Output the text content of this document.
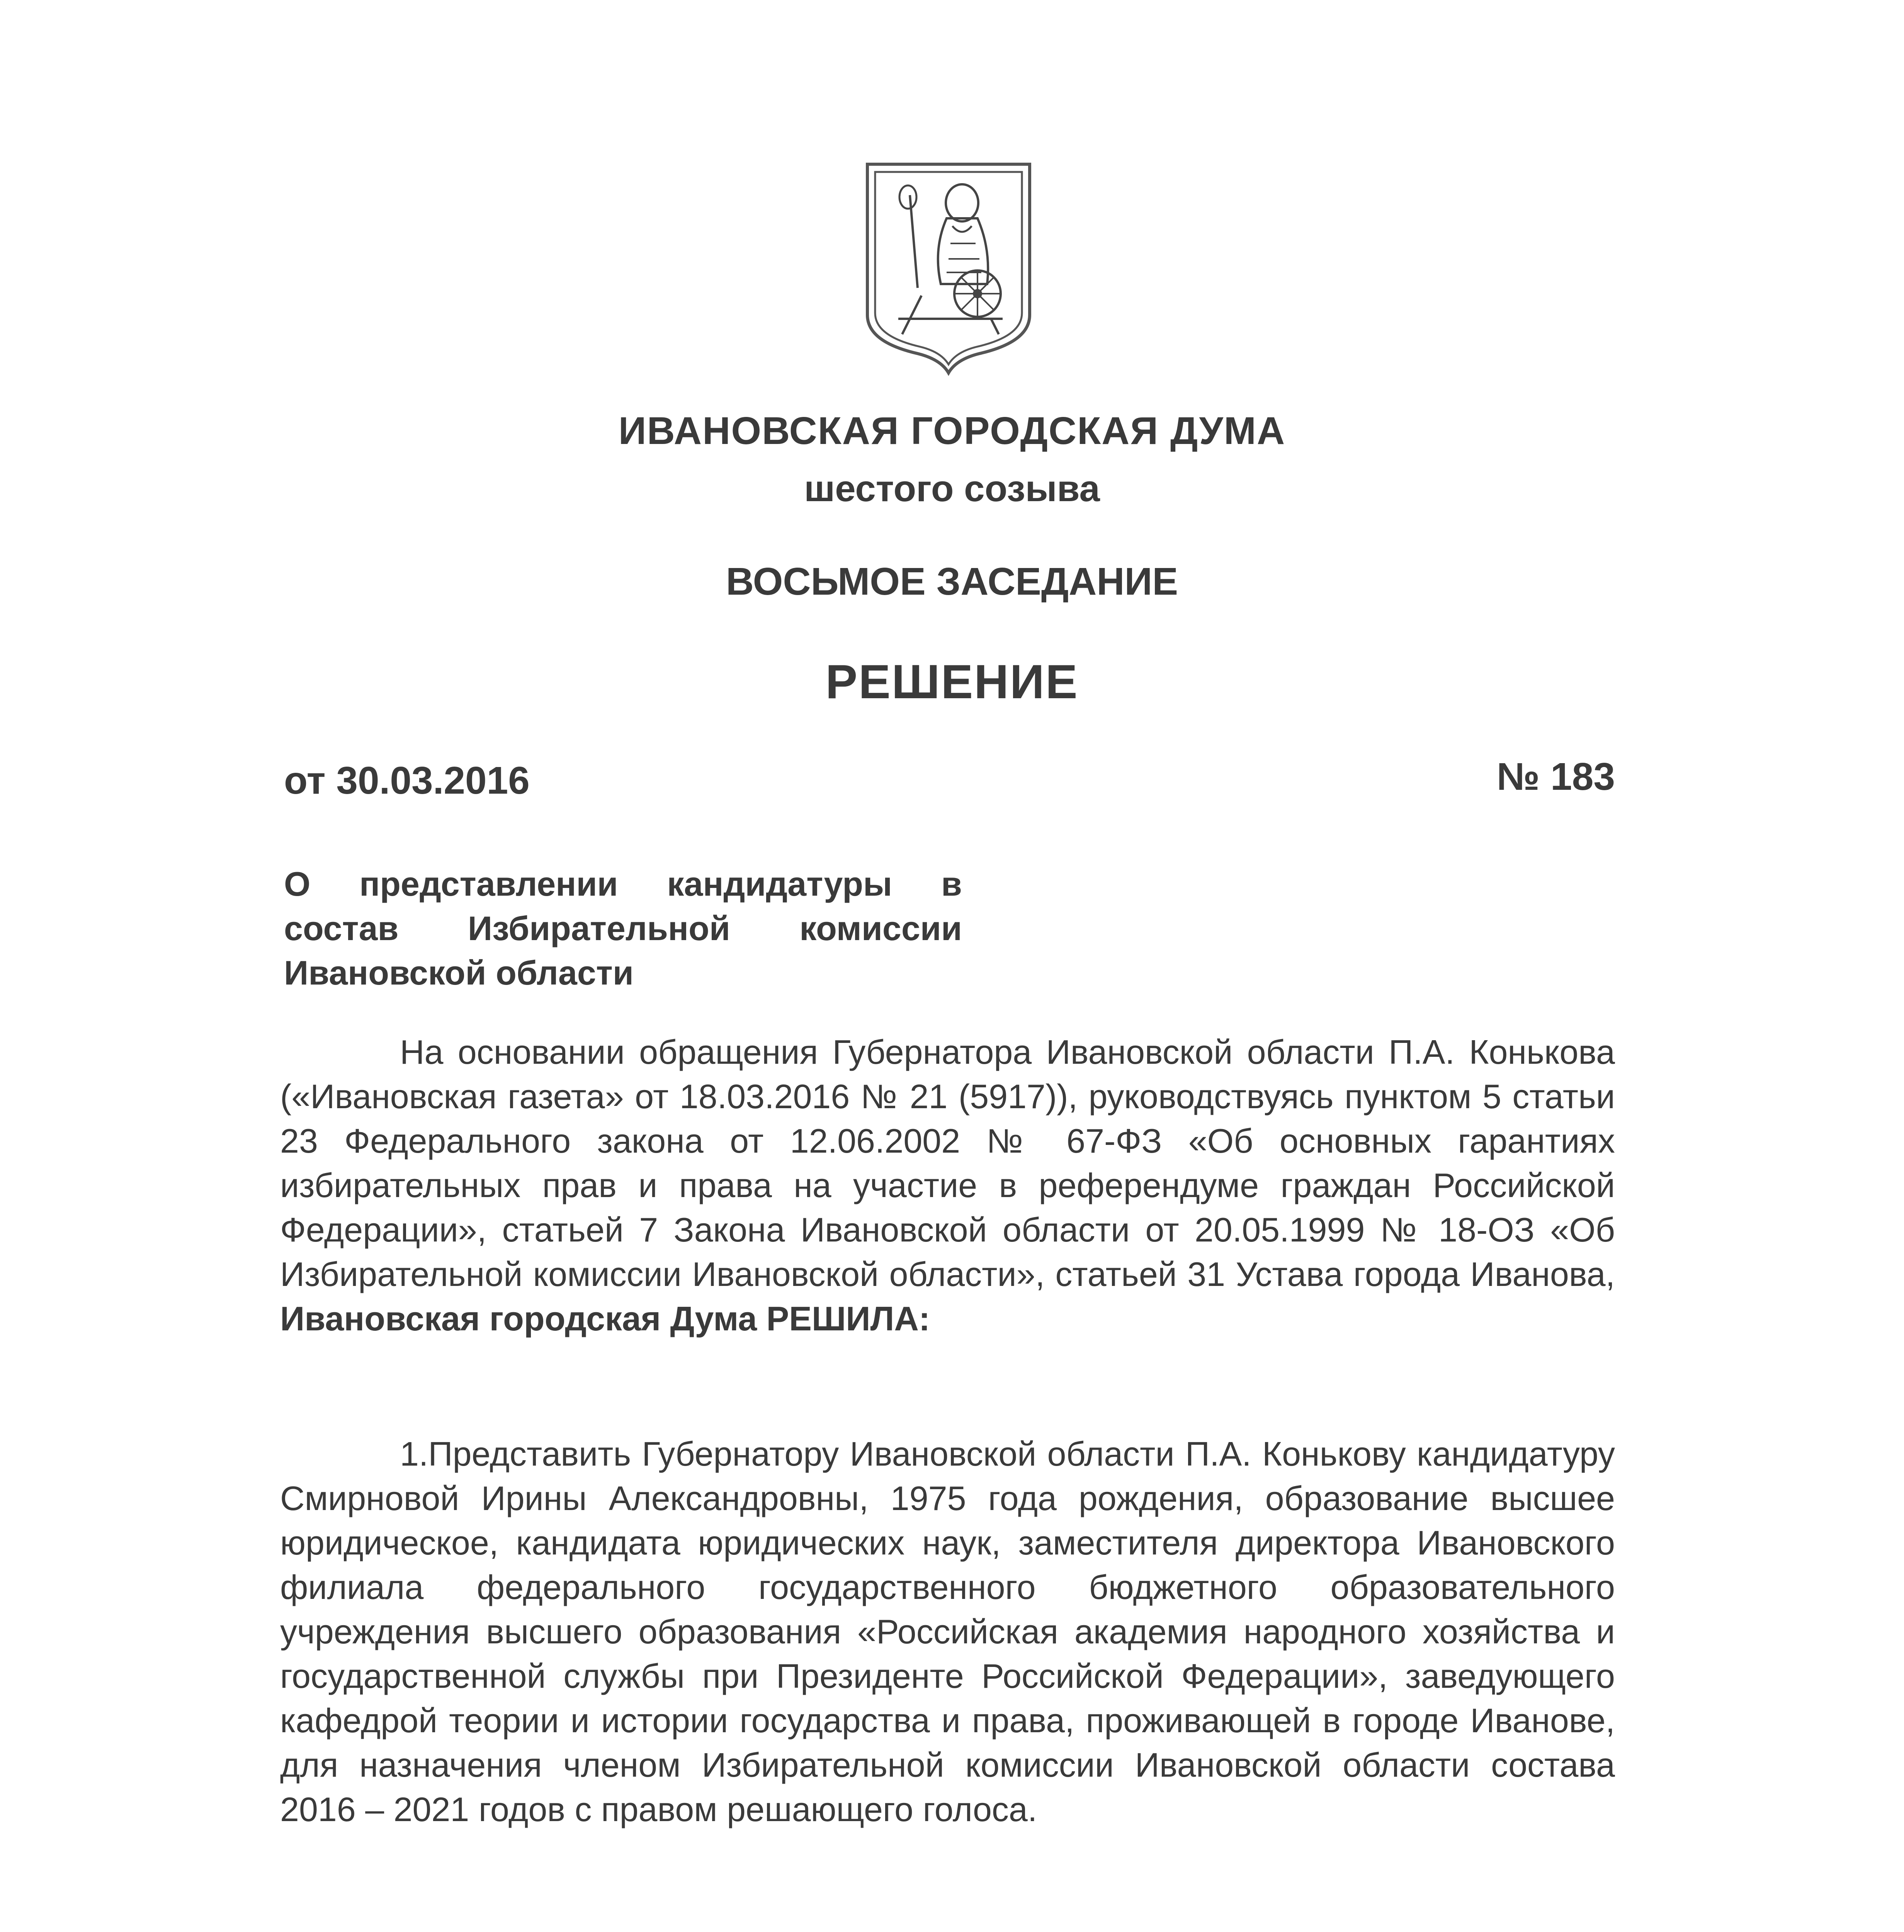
ИВАНОВСКАЯ ГОРОДСКАЯ ДУМА
шестого созыва
ВОСЬМОЕ ЗАСЕДАНИЕ
РЕШЕНИЕ
от 30.03.2016	№ 183
О представлении кандидатуры в состав Избирательной комиссии Ивановской области
На основании обращения Губернатора Ивановской области П.А. Конькова («Ивановская газета» от 18.03.2016 № 21 (5917)), руководствуясь пунктом 5 статьи 23 Федерального закона от 12.06.2002 № 67-ФЗ «Об основных гарантиях избирательных прав и права на участие в референдуме граждан Российской Федерации», статьей 7 Закона Ивановской области от 20.05.1999 № 18-ОЗ «Об Избирательной комиссии Ивановской области», статьей 31 Устава города Иванова, Ивановская городская Дума РЕШИЛА:
1.Представить Губернатору Ивановской области П.А. Конькову кандидатуру Смирновой Ирины Александровны, 1975 года рождения, образование высшее юридическое, кандидата юридических наук, заместителя директора Ивановского филиала федерального государственного бюджетного образовательного учреждения высшего образования «Российская академия народного хозяйства и государственной службы при Президенте Российской Федерации», заведующего кафедрой теории и истории государства и права, проживающей в городе Иванове, для назначения членом Избирательной комиссии Ивановской области состава 2016 – 2021 годов с правом решающего голоса.
